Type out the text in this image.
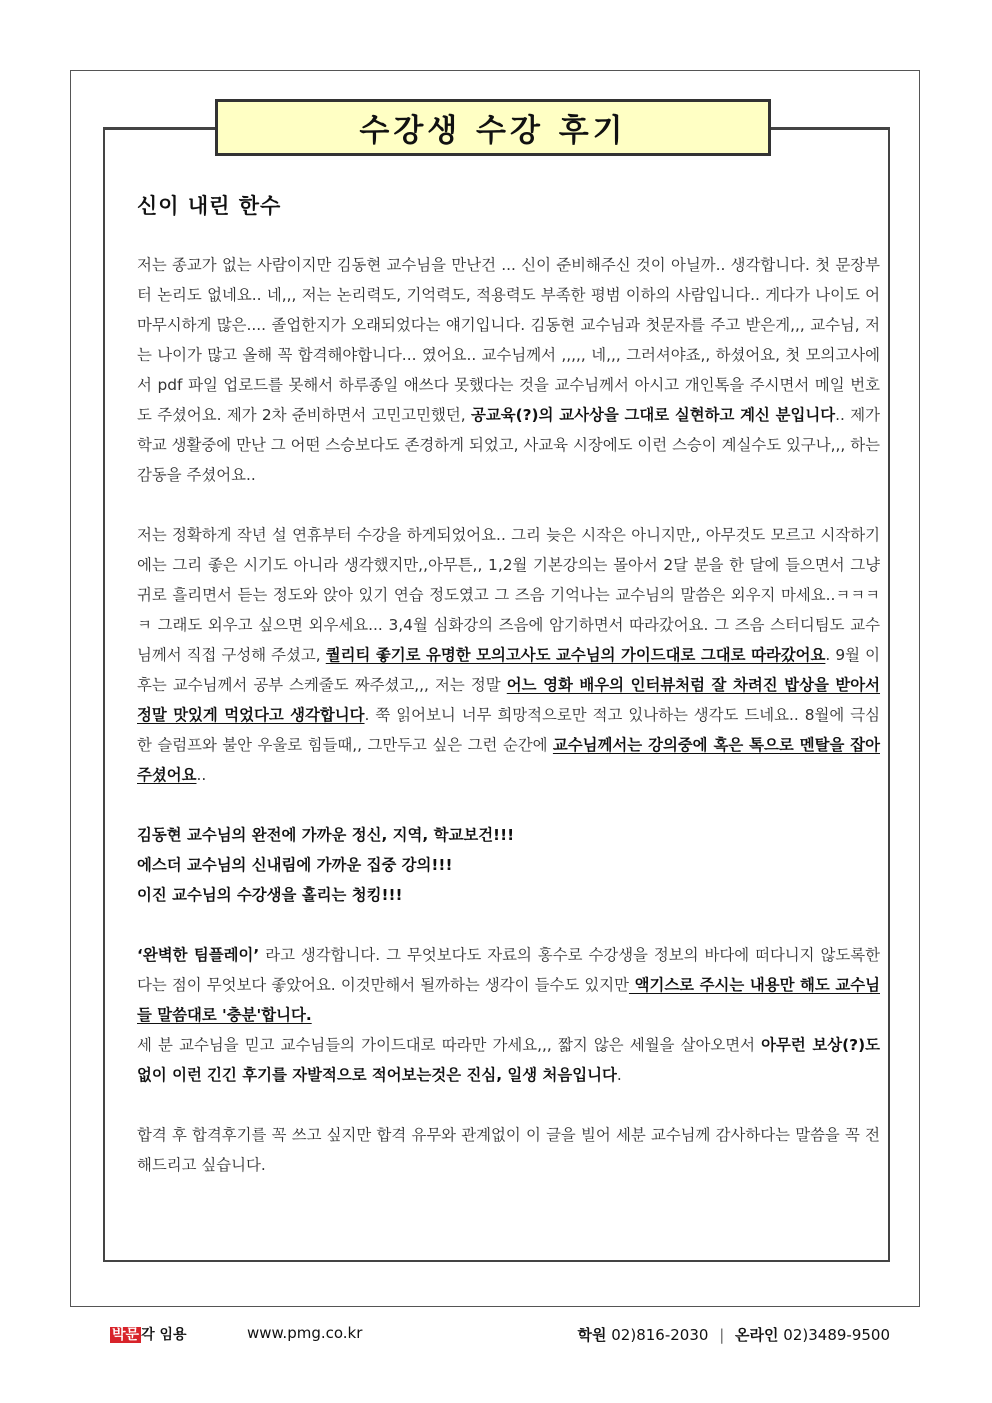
수강생 수강 후기
신이 내린 한수

저는 종교가 없는 사람이지만 김동현 교수님을 만난건 ... 신이 준비해주신 것이 아닐까.. 생각합니다. 첫 문장부터 논리도 없네요.. 네,,, 저는 논리력도, 기억력도, 적용력도 부족한 평범 이하의 사람입니다.. 게다가 나이도 어마무시하게 많은.... 졸업한지가 오래되었다는 얘기입니다. 김동현 교수님과 첫문자를 주고 받은게,,, 교수님, 저는 나이가 많고 올해 꼭 합격해야합니다... 였어요.. 교수님께서 ,,,,, 네,,, 그러셔야죠,, 하셨어요, 첫 모의고사에서 pdf 파일 업로드를 못해서 하루종일 애쓰다 못했다는 것을 교수님께서 아시고 개인톡을 주시면서 메일 번호도 주셨어요. 제가 2차 준비하면서 고민고민했던, 공교육(?)의 교사상을 그대로 실현하고 계신 분입니다.. 제가 학교 생활중에 만난 그 어떤 스승보다도 존경하게 되었고, 사교육 시장에도 이런 스승이 계실수도 있구나,,, 하는 감동을 주셨어요..

저는 정확하게 작년 설 연휴부터 수강을 하게되었어요.. 그리 늦은 시작은 아니지만,, 아무것도 모르고 시작하기에는 그리 좋은 시기도 아니라 생각했지만,,아무튼,, 1,2월 기본강의는 몰아서 2달 분을 한 달에 들으면서 그냥 귀로 흘리면서 듣는 정도와 앉아 있기 연습 정도였고 그 즈음 기억나는 교수님의 말씀은 외우지 마세요..ㅋㅋㅋㅋ 그래도 외우고 싶으면 외우세요... 3,4월 심화강의 즈음에 암기하면서 따라갔어요. 그 즈음 스터디팀도 교수님께서 직접 구성해 주셨고, 퀄리티 좋기로 유명한 모의고사도 교수님의 가이드대로 그대로 따라갔어요. 9월 이후는 교수님께서 공부 스케줄도 짜주셨고,,, 저는 정말 어느 영화 배우의 인터뷰처럼 잘 차려진 밥상을 받아서 정말 맛있게 먹었다고 생각합니다. 쭉 읽어보니 너무 희망적으로만 적고 있나하는 생각도 드네요.. 8월에 극심한 슬럼프와 불안 우울로 힘들때,, 그만두고 싶은 그런 순간에 교수님께서는 강의중에 혹은 톡으로 멘탈을 잡아주셨어요..

김동현 교수님의 완전에 가까운 정신, 지역, 학교보건!!!
에스더 교수님의 신내림에 가까운 집중 강의!!!
이진 교수님의 수강생을 홀리는 청킹!!!

‘완벽한 팀플레이’ 라고 생각합니다. 그 무엇보다도 자료의 홍수로 수강생을 정보의 바다에 떠다니지 않도록한다는 점이 무엇보다 좋았어요. 이것만해서 될까하는 생각이 들수도 있지만 액기스로 주시는 내용만 해도 교수님들 말씀대로 '충분'합니다.

세 분 교수님을 믿고 교수님들의 가이드대로 따라만 가세요,,, 짧지 않은 세월을 살아오면서 아무런 보상(?)도 없이 이런 긴긴 후기를 자발적으로 적어보는것은 진심, 일생 처음입니다.

합격 후 합격후기를 꼭 쓰고 싶지만 합격 유무와 관계없이 이 글을 빌어 세분 교수님께 감사하다는 말씀을 꼭 전해드리고 싶습니다.

박문 각 임용	www.pmg.co.kr	학원 02)816-2030 | 온라인 02)3489-9500
